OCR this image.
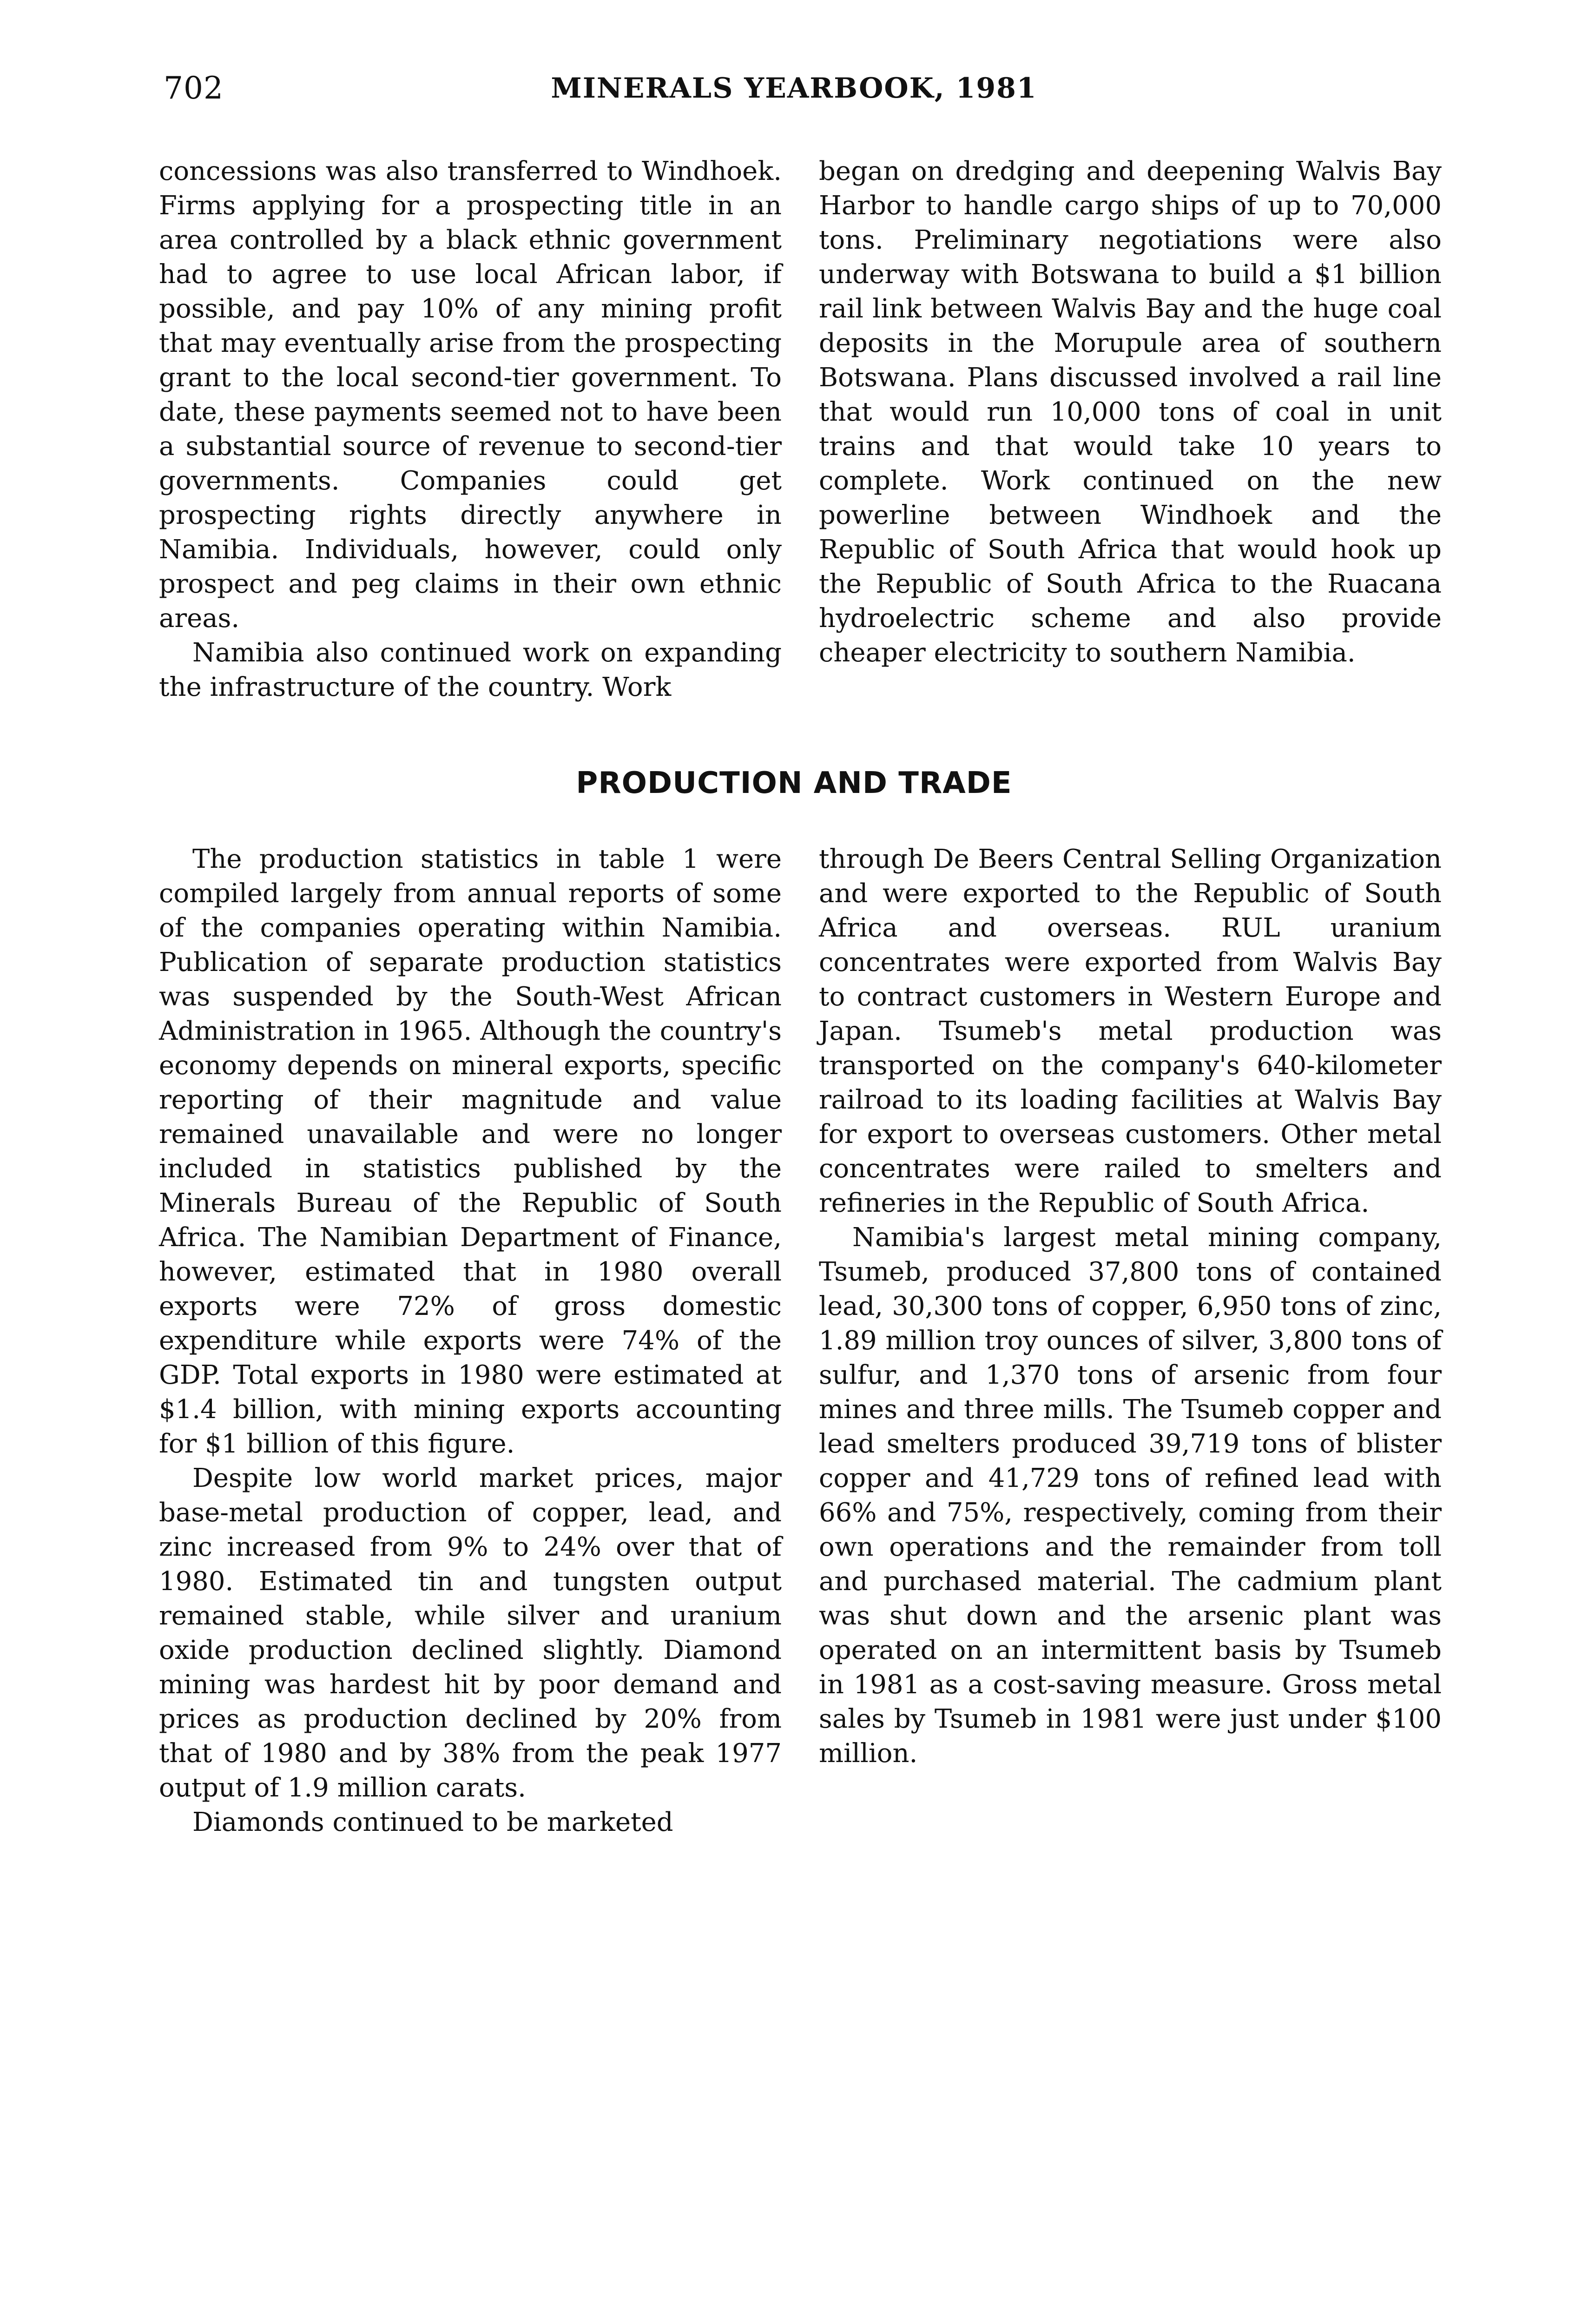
702	MINERALS YEARBOOK, 1981

concessions was also transferred to Windhoek. Firms applying for a prospecting title in an area controlled by a black ethnic government had to agree to use local African labor, if possible, and pay 10% of any mining profit that may eventually arise from the prospecting grant to the local second-tier government. To date, these payments seemed not to have been a substantial source of revenue to second-tier governments. Companies could get prospecting rights directly anywhere in Namibia. Individuals, however, could only prospect and peg claims in their own ethnic areas.

Namibia also continued work on expanding the infrastructure of the country. Work

began on dredging and deepening Walvis Bay Harbor to handle cargo ships of up to 70,000 tons. Preliminary negotiations were also underway with Botswana to build a $1 billion rail link between Walvis Bay and the huge coal deposits in the Morupule area of southern Botswana. Plans discussed involved a rail line that would run 10,000 tons of coal in unit trains and that would take 10 years to complete. Work continued on the new powerline between Windhoek and the Republic of South Africa that would hook up the Republic of South Africa to the Ruacana hydroelectric scheme and also provide cheaper electricity to southern Namibia.

PRODUCTION AND TRADE

The production statistics in table 1 were compiled largely from annual reports of some of the companies operating within Namibia. Publication of separate production statistics was suspended by the South-West African Administration in 1965. Although the country's economy depends on mineral exports, specific reporting of their magnitude and value remained unavailable and were no longer included in statistics published by the Minerals Bureau of the Republic of South Africa. The Namibian Department of Finance, however, estimated that in 1980 overall exports were 72% of gross domestic expenditure while exports were 74% of the GDP. Total exports in 1980 were estimated at $1.4 billion, with mining exports accounting for $1 billion of this figure.

Despite low world market prices, major base-metal production of copper, lead, and zinc increased from 9% to 24% over that of 1980. Estimated tin and tungsten output remained stable, while silver and uranium oxide production declined slightly. Diamond mining was hardest hit by poor demand and prices as production declined by 20% from that of 1980 and by 38% from the peak 1977 output of 1.9 million carats.

Diamonds continued to be marketed

through De Beers Central Selling Organization and were exported to the Republic of South Africa and overseas. RUL uranium concentrates were exported from Walvis Bay to contract customers in Western Europe and Japan. Tsumeb's metal production was transported on the company's 640-kilometer railroad to its loading facilities at Walvis Bay for export to overseas customers. Other metal concentrates were railed to smelters and refineries in the Republic of South Africa.

Namibia's largest metal mining company, Tsumeb, produced 37,800 tons of contained lead, 30,300 tons of copper, 6,950 tons of zinc, 1.89 million troy ounces of silver, 3,800 tons of sulfur, and 1,370 tons of arsenic from four mines and three mills. The Tsumeb copper and lead smelters produced 39,719 tons of blister copper and 41,729 tons of refined lead with 66% and 75%, respectively, coming from their own operations and the remainder from toll and purchased material. The cadmium plant was shut down and the arsenic plant was operated on an intermittent basis by Tsumeb in 1981 as a cost-saving measure. Gross metal sales by Tsumeb in 1981 were just under $100 million.
